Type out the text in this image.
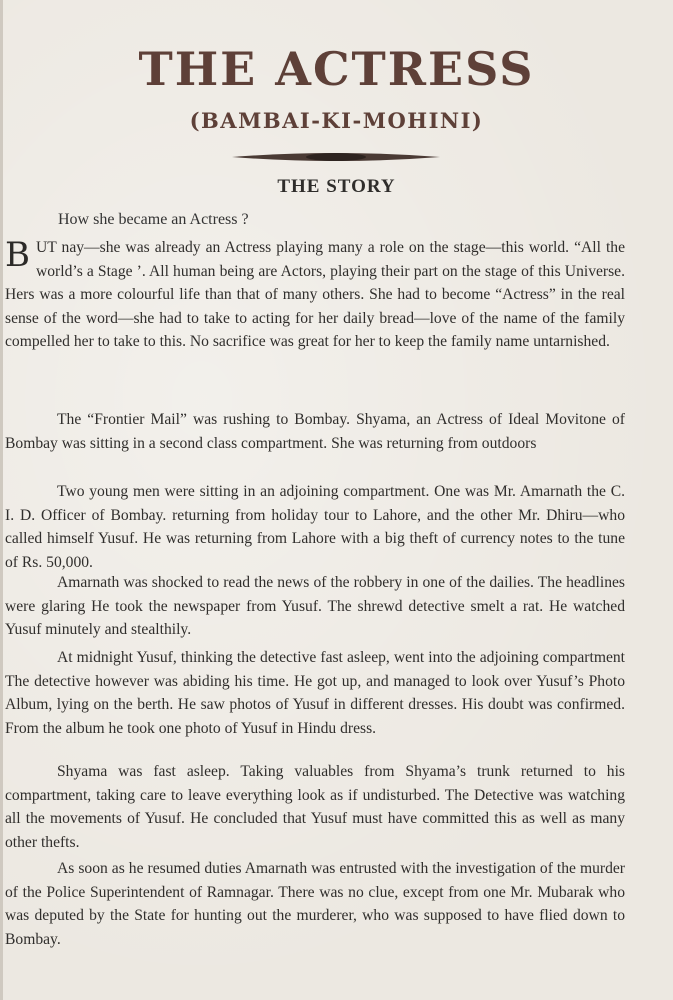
THE ACTRESS
(BAMBAI-KI-MOHINI)
THE STORY

How she became an Actress ?

BUT nay—she was already an Actress playing many a role on the stage—this world. “All the world’s a Stage ’. All human being are Actors, playing their part on the stage of this Universe. Hers was a more colourful life than that of many others. She had to become “Actress” in the real sense of the word—she had to take to acting for her daily bread—love of the name of the family compelled her to take to this. No sacrifice was great for her to keep the family name untarnished.

The “Frontier Mail” was rushing to Bombay. Shyama, an Actress of Ideal Movitone of Bombay was sitting in a second class compartment. She was returning from outdoors

Two young men were sitting in an adjoining compartment. One was Mr. Amarnath the C. I. D. Officer of Bombay. returning from holiday tour to Lahore, and the other Mr. Dhiru—who called himself Yusuf. He was returning from Lahore with a big theft of currency notes to the tune of Rs. 50,000.

Amarnath was shocked to read the news of the robbery in one of the dailies. The headlines were glaring He took the newspaper from Yusuf. The shrewd detective smelt a rat. He watched Yusuf minutely and stealthily.

At midnight Yusuf, thinking the detective fast asleep, went into the adjoining compartment The detective however was abiding his time. He got up, and managed to look over Yusuf’s Photo Album, lying on the berth. He saw photos of Yusuf in different dresses. His doubt was confirmed. From the album he took one photo of Yusuf in Hindu dress.

Shyama was fast asleep. Taking valuables from Shyama’s trunk returned to his compartment, taking care to leave everything look as if undisturbed. The Detective was watching all the movements of Yusuf. He concluded that Yusuf must have committed this as well as many other thefts.

As soon as he resumed duties Amarnath was entrusted with the investigation of the murder of the Police Superintendent of Ramnagar. There was no clue, except from one Mr. Mubarak who was deputed by the State for hunting out the murderer, who was supposed to have flied down to Bombay.
